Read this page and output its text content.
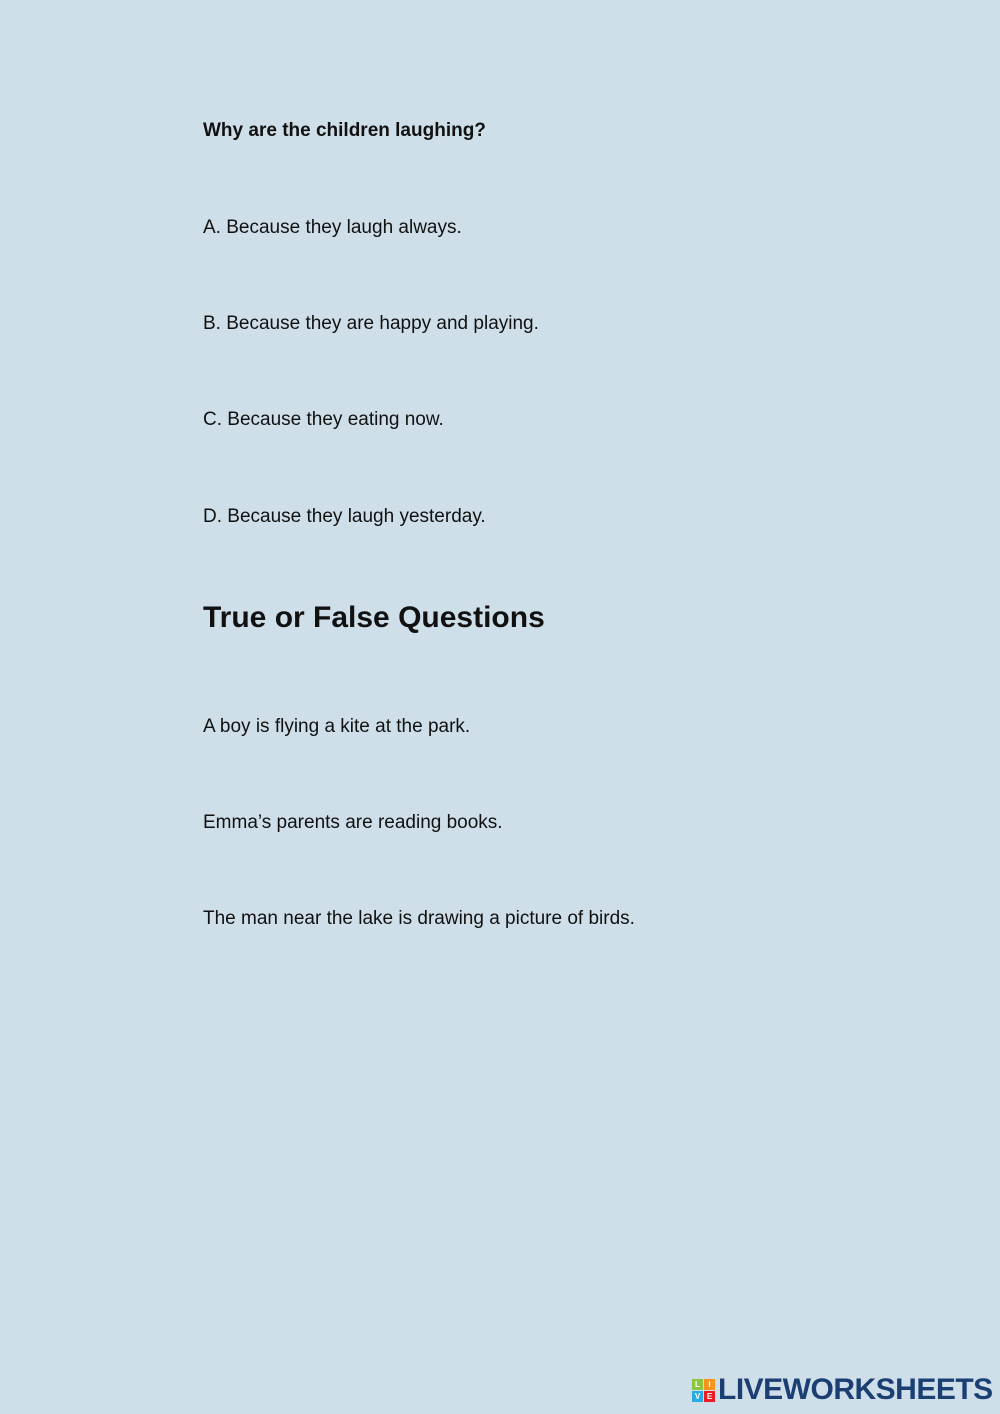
Why are the children laughing?
A. Because they laugh always.
B. Because they are happy and playing.
C. Because they eating now.
D. Because they laugh yesterday.
True or False Questions
A boy is flying a kite at the park.
Emma’s parents are reading books.
The man near the lake is drawing a picture of birds.
L	I
V E LIVEWORKSHEETS
